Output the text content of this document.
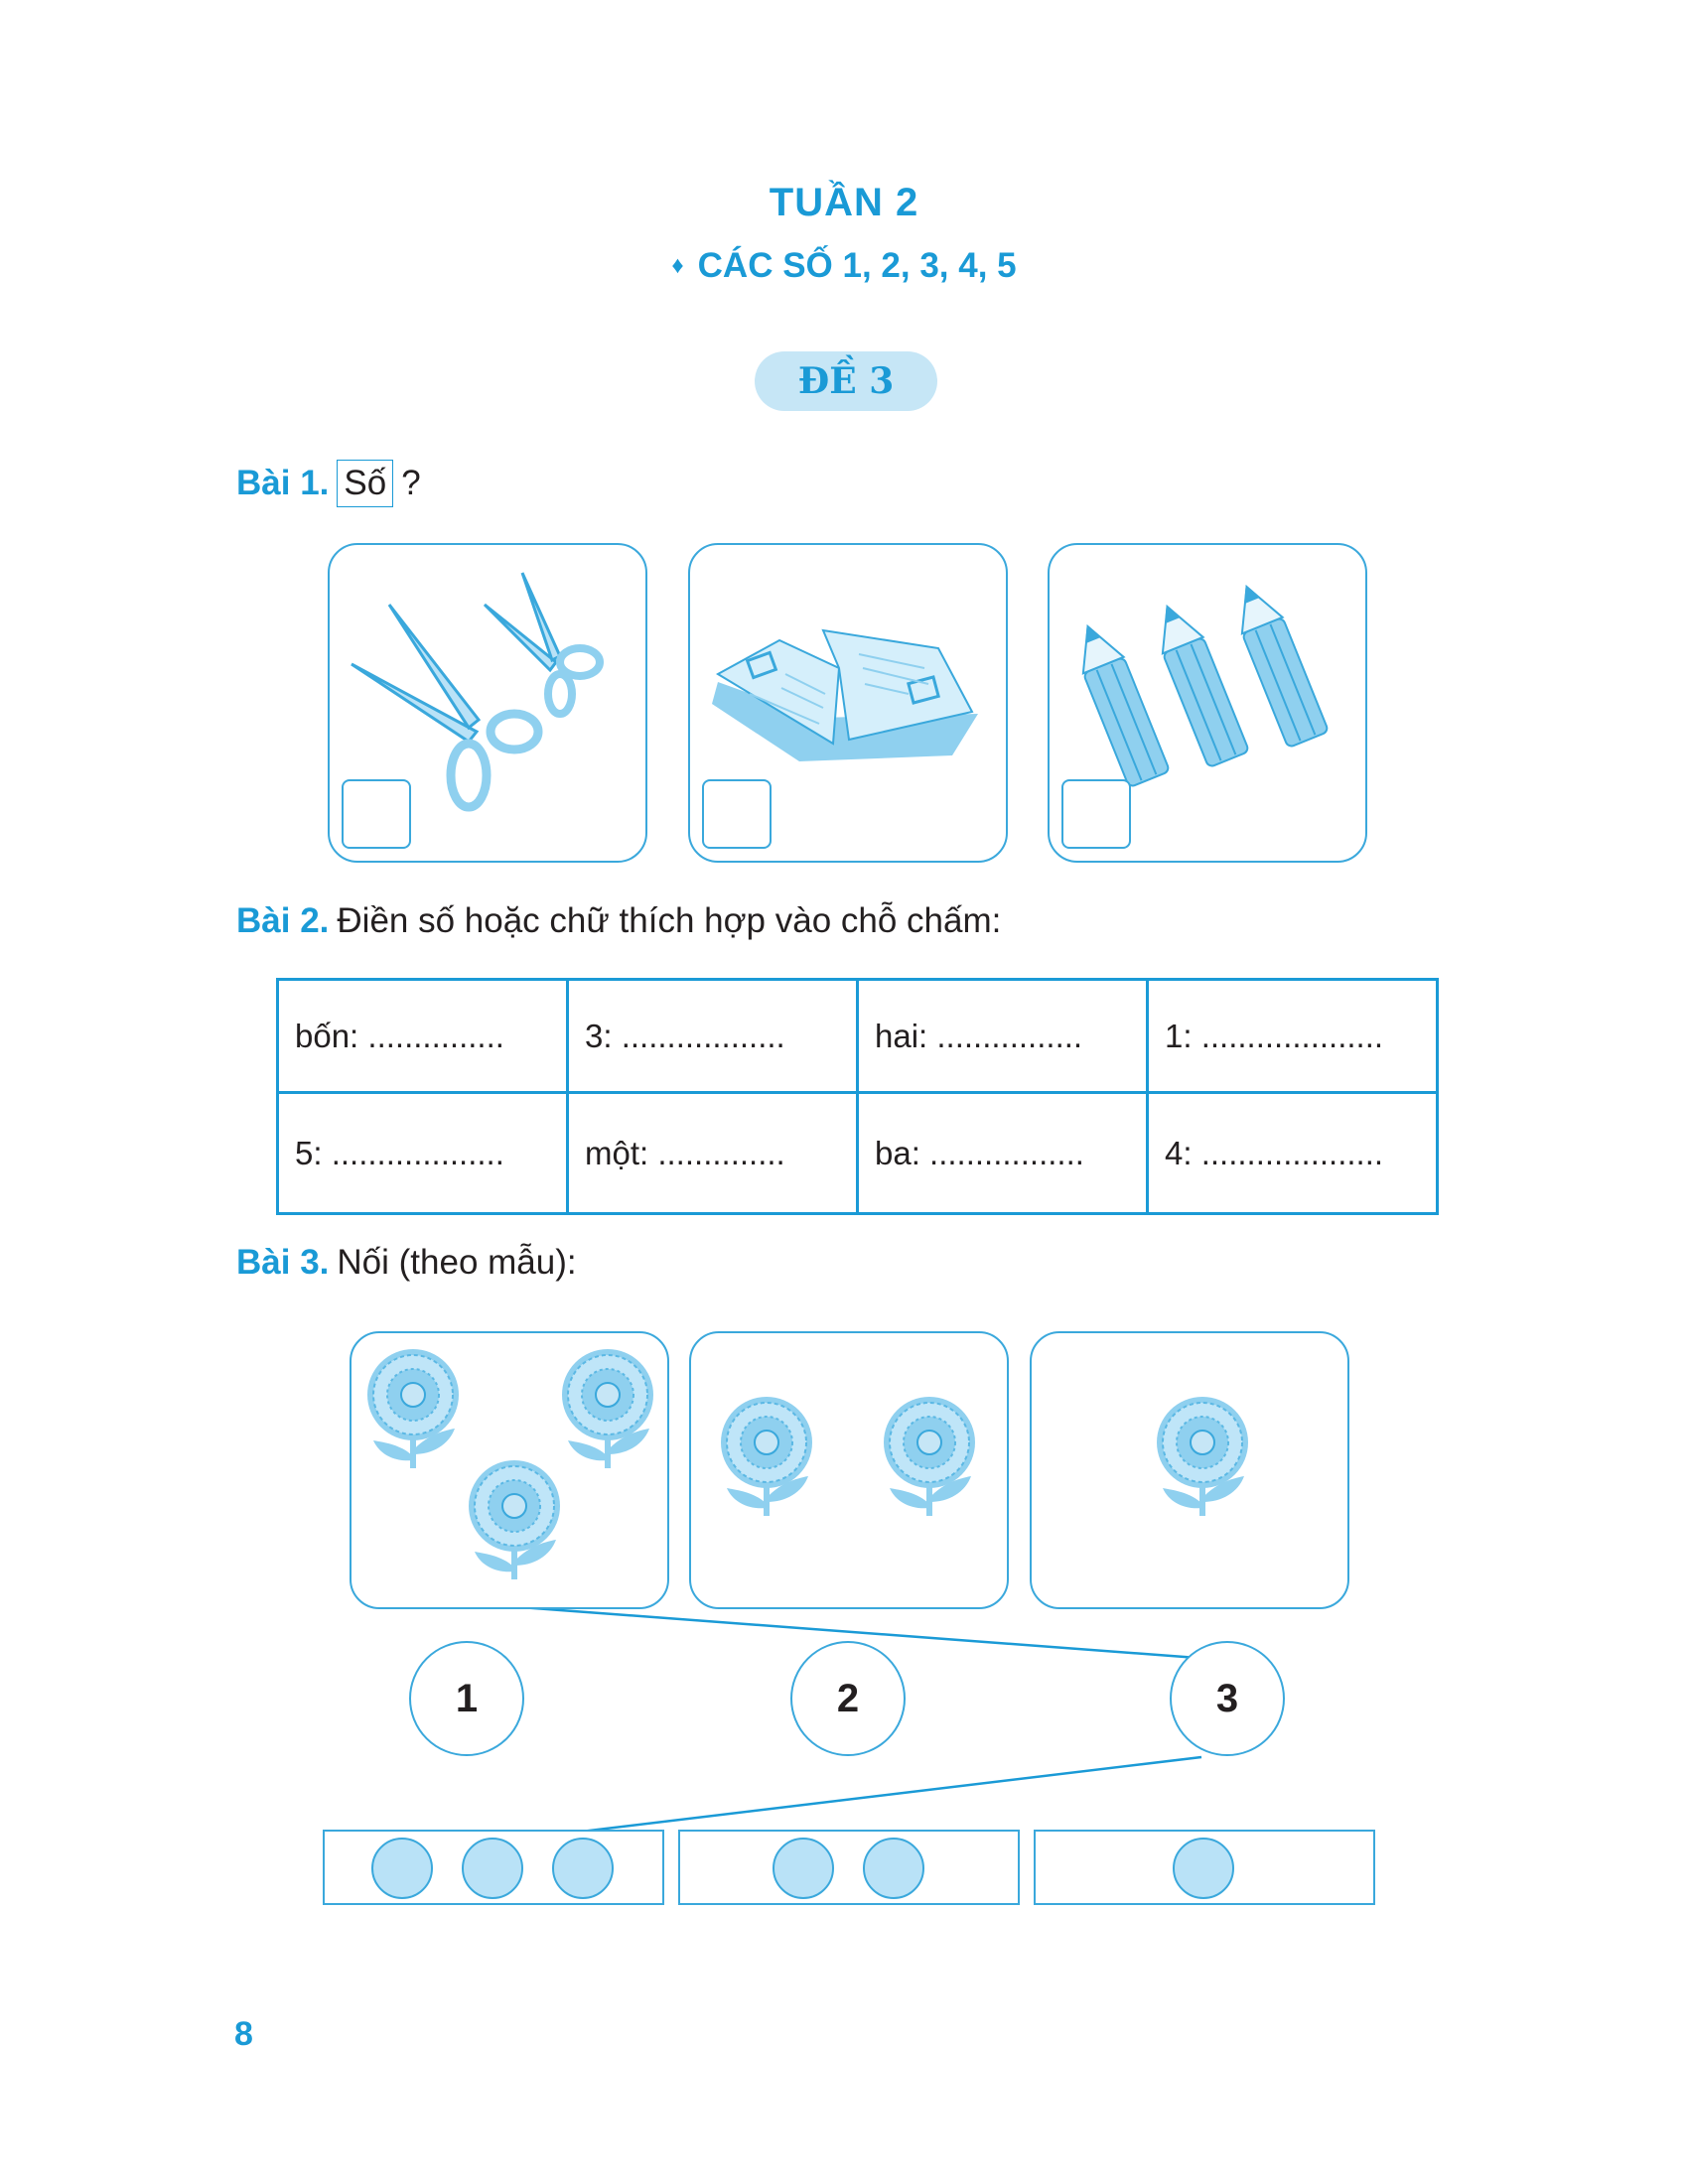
TUẦN 2
♦ CÁC SỐ 1, 2, 3, 4, 5
ĐỀ 3
Bài 1. Số ?
Bài 2. Điền số hoặc chữ thích hợp vào chỗ chấm:
bốn: ...............	3: ..................	hai: ................	1: ....................
5: ...................	một: ..............	ba: .................	4: ....................
Bài 3. Nối (theo mẫu):
1	2	3
8
